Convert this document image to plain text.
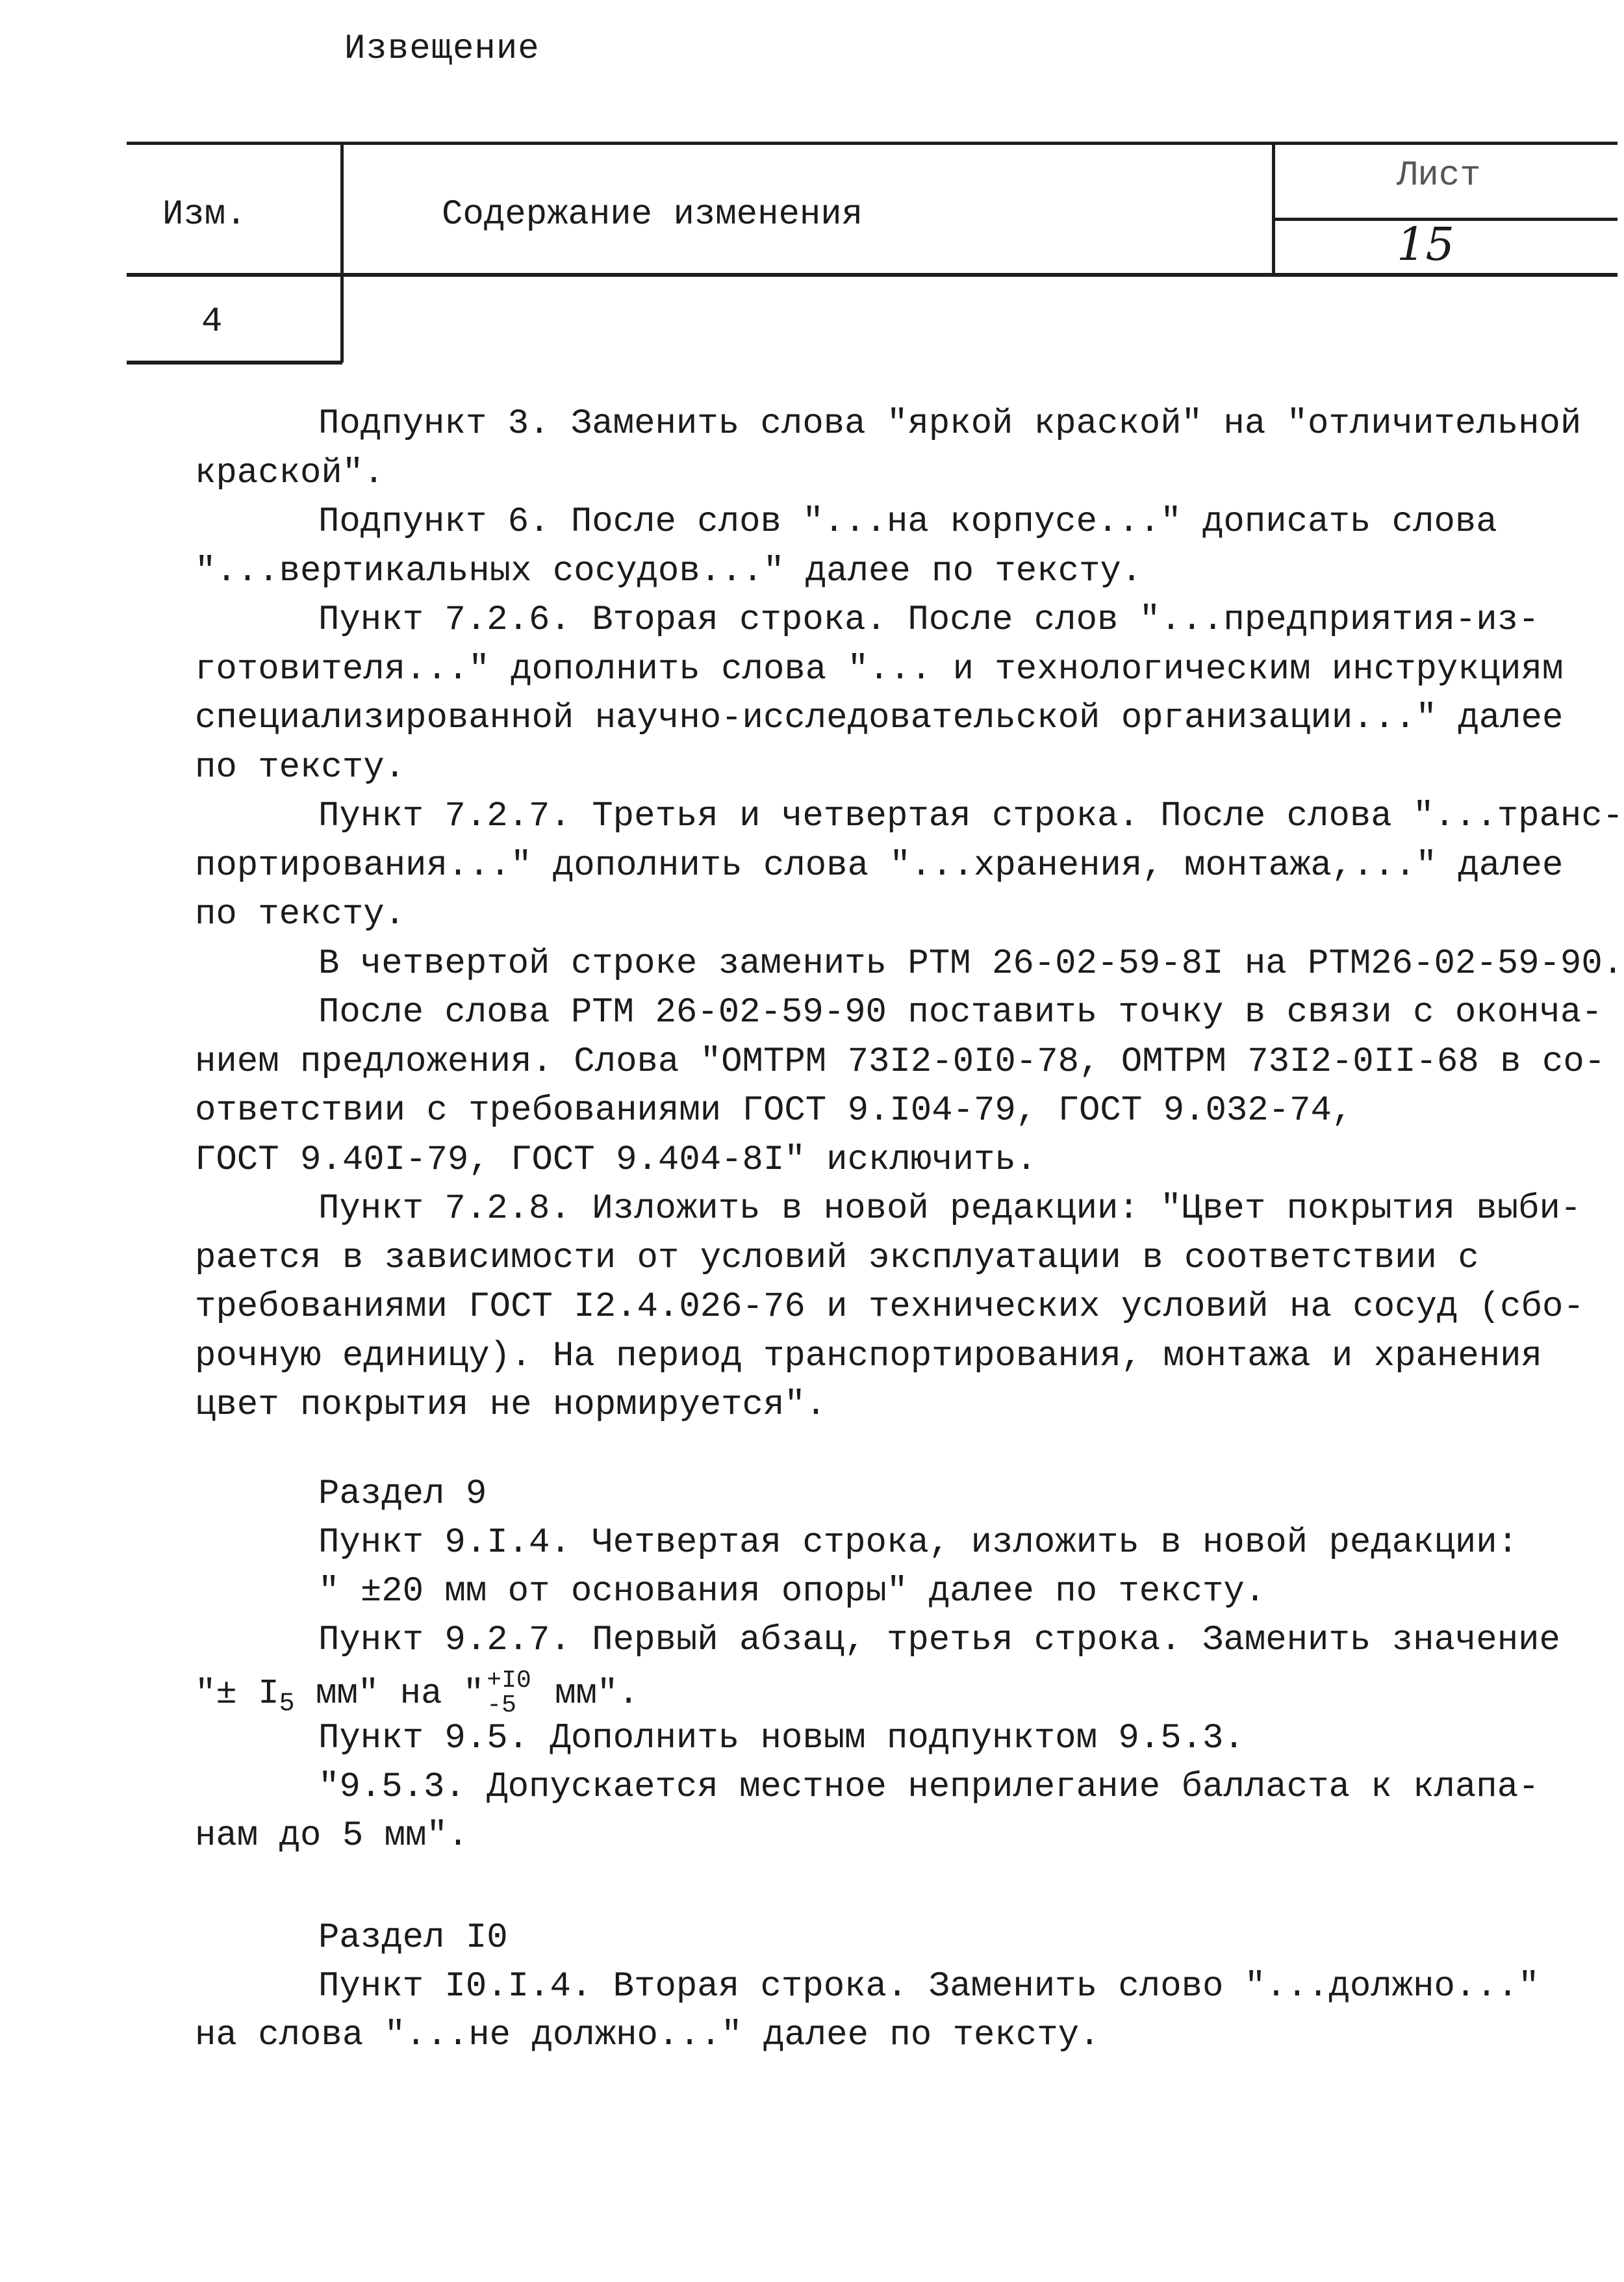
Извещение
Изм.	Содержание изменения
Лист
15
4
Подпункт 3. Заменить слова "яркой краской" на "отличительной
краской".
Подпункт 6. После слов "...на корпусе..." дописать слова
"...вертикальных сосудов..." далее по тексту.
Пункт 7.2.6. Вторая строка. После слов "...предприятия-из-
готовителя..." дополнить слова "... и технологическим инструкциям
специализированной научно-исследовательской организации..." далее
по тексту.
Пункт 7.2.7. Третья и четвертая строка. После слова "...транс-
портирования..." дополнить слова "...хранения, монтажа,..." далее
по тексту.
В четвертой строке заменить РТМ 26-02-59-8I на РТМ26-02-59-90.
После слова РТМ 26-02-59-90 поставить точку в связи с оконча-
нием предложения. Слова "ОМТРМ 73I2-0I0-78, ОМТРМ 73I2-0II-68 в со-
ответствии с требованиями ГОСТ 9.I04-79, ГОСТ 9.032-74,
ГОСТ 9.40I-79, ГОСТ 9.404-8I" исключить.
Пункт 7.2.8. Изложить в новой редакции: "Цвет покрытия выби-
рается в зависимости от условий эксплуатации в соответствии с
требованиями ГОСТ I2.4.026-76 и технических условий на сосуд (сбо-
рочную единицу). На период транспортирования, монтажа и хранения
цвет покрытия не нормируется".
Раздел 9
Пункт 9.I.4. Четвертая строка, изложить в новой редакции:
" ±20 мм от основания опоры" далее по тексту.
Пункт 9.2.7. Первый абзац, третья строка. Заменить значение
"± $I_5$ мм" на " +I0
-5 мм".
Пункт 9.5. Дополнить новым подпунктом 9.5.3.
"9.5.3. Допускается местное неприлегание балласта к клапа-
нам до 5 мм".
Раздел I0
Пункт I0.I.4. Вторая строка. Заменить слово "...должно..."
на слова "...не должно..." далее по тексту.
